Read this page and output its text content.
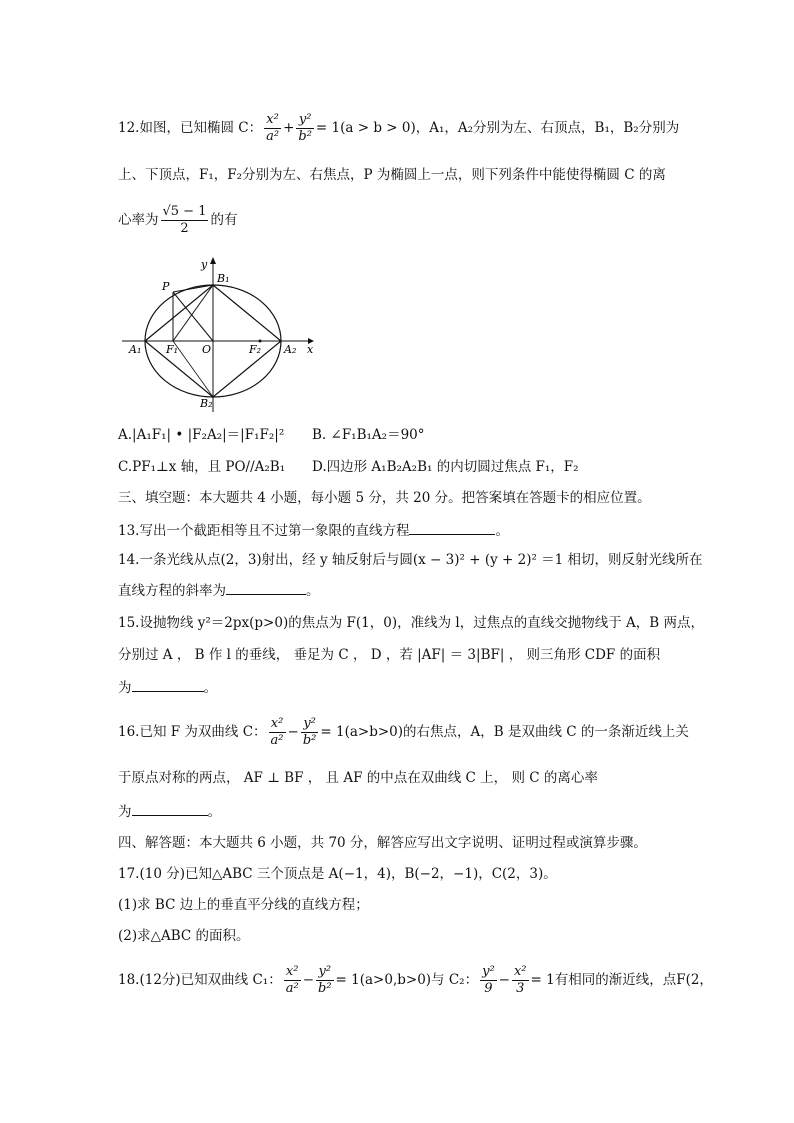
12.如图，已知椭圆 C： $\frac{\text{x²}}{\text{a²}} + \frac{\text{y²}}{\text{b²}} = 1(a > b > 0)$，A₁，A₂分别为左、右顶点，B₁，B₂分别为
上、下顶点，F₁，F₂分别为左、右焦点，P 为椭圆上一点，则下列条件中能使得椭圆 C 的离
心率为 $\frac{√5 - 1}{2}$ 的有
y
x
B₁
B₂
P
A₁ F₁ O	F₂ A₂
A.|A₁F₁| • |F₂A₂|＝|F₁F₂|² B. ∠F₁B₁A₂＝90°
C.PF₁⊥x 轴，且 PO//A₂B₁ D.四边形 A₁B₂A₂B₁ 的内切圆过焦点 F₁，F₂
三、填空题：本大题共 4 小题，每小题 5 分，共 20 分。把答案填在答题卡的相应位置。
13.写出一个截距相等且不过第一象限的直线方程	。
14.一条光线从点(2，3)射出，经 y 轴反射后与圆(x − 3)² + (y + 2)² ＝1 相切，则反射光线所在
直线方程的斜率为	。
15.设抛物线 y²＝2px(p>0)的焦点为 F(1，0)，准线为 l，过焦点的直线交抛物线于 A，B 两点，
分别过 A ， B 作 l 的垂线， 垂足为 C ， D ，若 |AF| ＝ 3|BF| ， 则三角形 CDF 的面积
为	。
16.已知 F 为双曲线 C： $\frac{\text{x²}}{\text{a²}} - \frac{\text{y²}}{\text{b²}} = 1(a>b>0)$的右焦点，A，B 是双曲线 C 的一条渐近线上关
于原点对称的两点， AF ⊥ BF ， 且 AF 的中点在双曲线 C 上， 则 C 的离心率
为	。
四、解答题：本大题共 6 小题，共 70 分，解答应写出文字说明、证明过程或演算步骤。
17.(10 分)已知△ABC 三个顶点是 A(−1，4)，B(−2，−1)，C(2，3)。
(1)求 BC 边上的垂直平分线的直线方程；
(2)求△ABC 的面积。
18.(12分)已知双曲线 C₁： $\frac{\text{x²}}{\text{a²}} - \frac{\text{y²}}{\text{b²}} = 1(a>0,b>0)$与 C₂： $\frac{\text{y²}}{9} - \frac{\text{x²}}{3} = 1$有相同的渐近线，点F(2，
